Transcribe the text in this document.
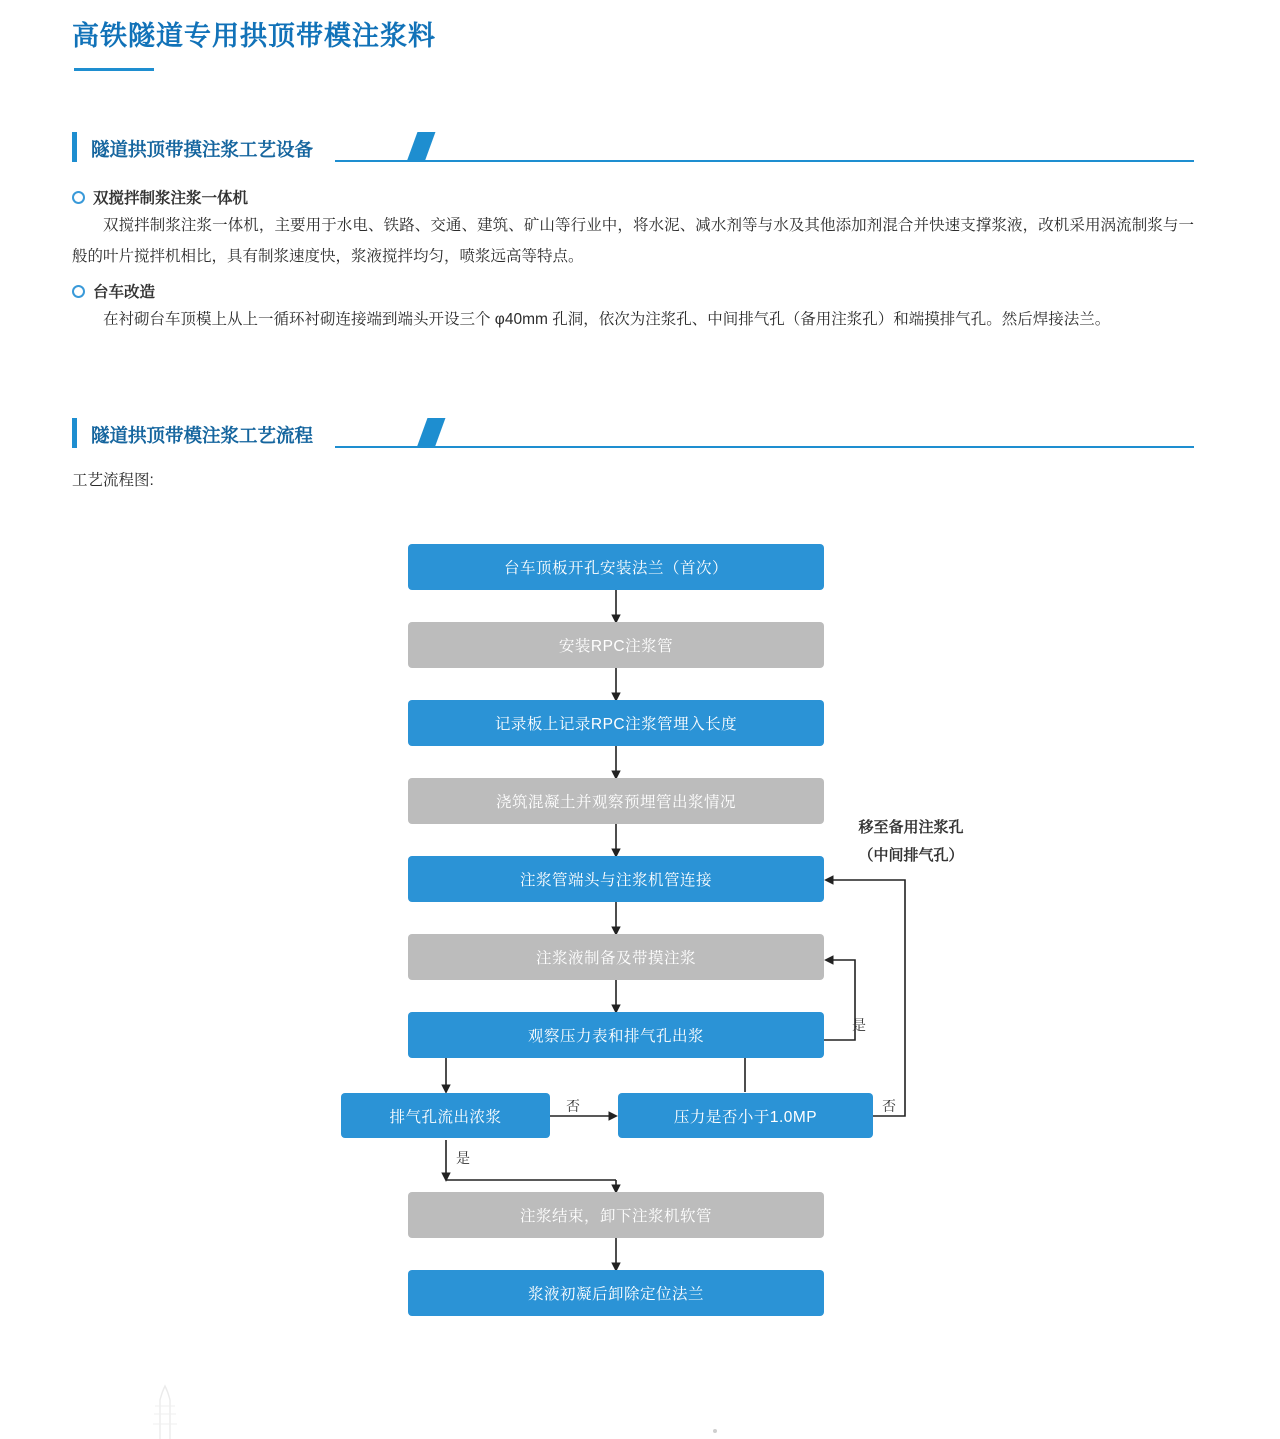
高铁隧道专用拱顶带模注浆料
隧道拱顶带摸注浆工艺设备
双搅拌制浆注浆一体机
双搅拌制浆注浆一体机，主要用于水电、铁路、交通、建筑、矿山等行业中，将水泥、减水剂等与水及其他添加剂混合并快速支撑浆液，改机采用涡流制浆与一般的叶片搅拌机相比，具有制浆速度快，浆液搅拌均匀，喷浆远高等特点。
台车改造
在衬砌台车顶模上从上一循环衬砌连接端到端头开设三个 φ40mm 孔洞，依次为注浆孔、中间排气孔（备用注浆孔）和端摸排气孔。然后焊接法兰。
隧道拱顶带模注浆工艺流程
工艺流程图:
台车顶板开孔安装法兰（首次）
安装RPC注浆管
记录板上记录RPC注浆管埋入长度
浇筑混凝土并观察预埋管出浆情况
注浆管端头与注浆机管连接
注浆液制备及带摸注浆
观察压力表和排气孔出浆
排气孔流出浓浆	压力是否小于1.0MP
注浆结束，卸下注浆机软管
浆液初凝后卸除定位法兰
否
是
是
否
移至备用注浆孔
（中间排气孔）
